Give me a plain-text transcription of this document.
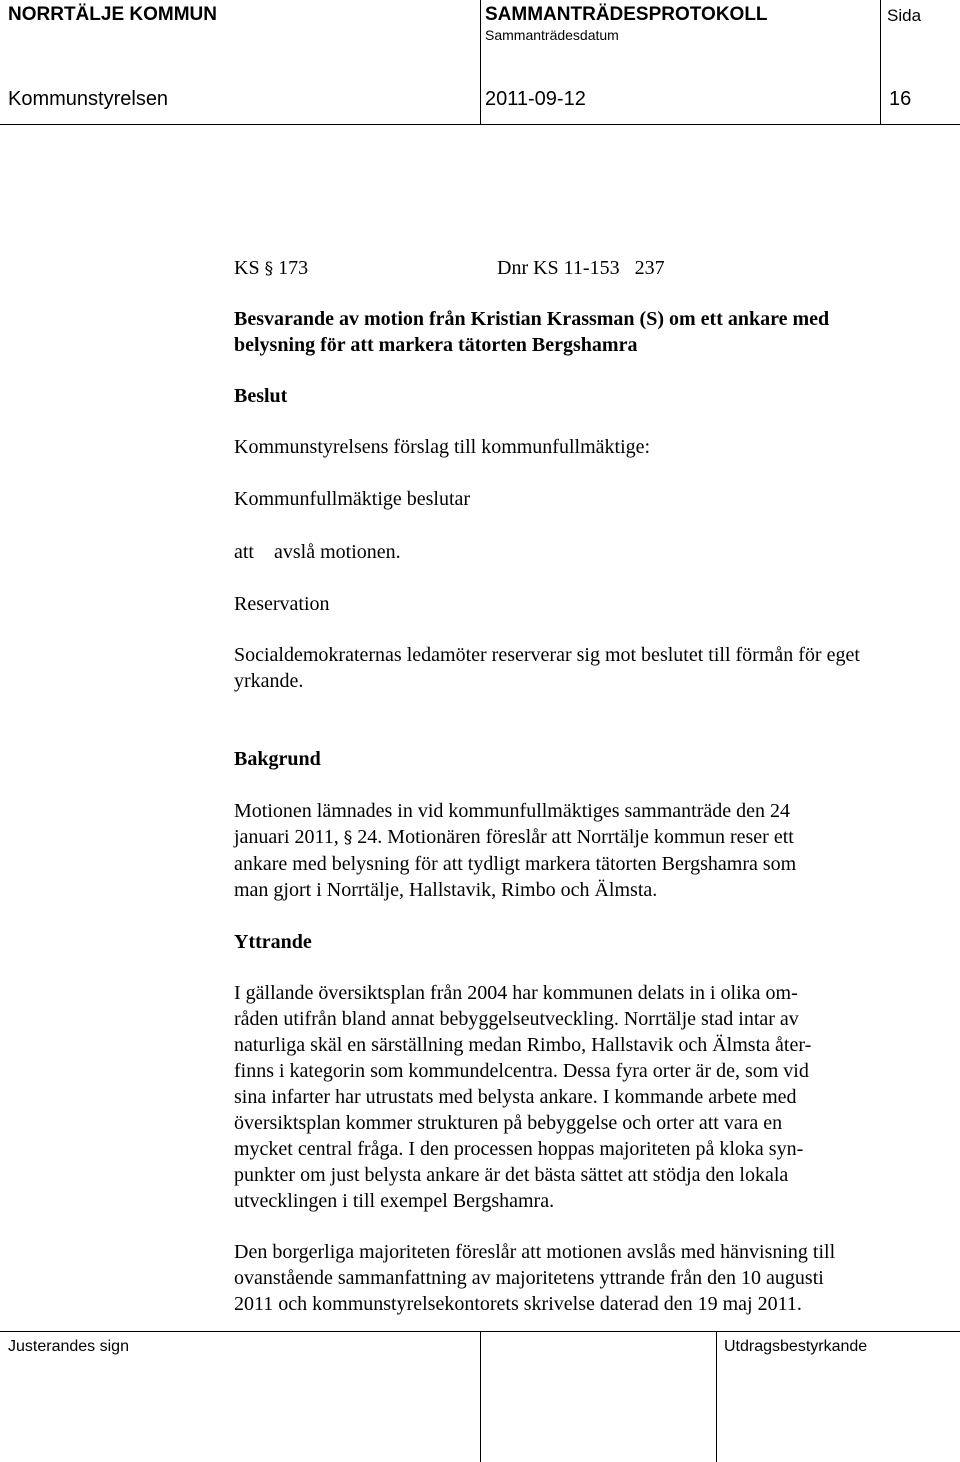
NORRTÄLJE KOMMUN	SAMMANTRÄDESPROTOKOLL
Sammanträdesdatum
Sida
Kommunstyrelsen	2011-09-12	16
KS § 173	Dnr KS 11-153 237
Besvarande av motion från Kristian Krassman (S) om ett ankare med
belysning för att markera tätorten Bergshamra
Beslut
Kommunstyrelsens förslag till kommunfullmäktige:
Kommunfullmäktige beslutar
att avslå motionen.
Reservation
Socialdemokraternas ledamöter reserverar sig mot beslutet till förmån för eget
yrkande.
Bakgrund
Motionen lämnades in vid kommunfullmäktiges sammanträde den 24
januari 2011, § 24. Motionären föreslår att Norrtälje kommun reser ett
ankare med belysning för att tydligt markera tätorten Bergshamra som
man gjort i Norrtälje, Hallstavik, Rimbo och Älmsta.
Yttrande
I gällande översiktsplan från 2004 har kommunen delats in i olika om-
råden utifrån bland annat bebyggelseutveckling. Norrtälje stad intar av
naturliga skäl en särställning medan Rimbo, Hallstavik och Älmsta åter-
finns i kategorin som kommundelcentra. Dessa fyra orter är de, som vid
sina infarter har utrustats med belysta ankare. I kommande arbete med
översiktsplan kommer strukturen på bebyggelse och orter att vara en
mycket central fråga. I den processen hoppas majoriteten på kloka syn-
punkter om just belysta ankare är det bästa sättet att stödja den lokala
utvecklingen i till exempel Bergshamra.
Den borgerliga majoriteten föreslår att motionen avslås med hänvisning till
ovanstående sammanfattning av majoritetens yttrande från den 10 augusti
2011 och kommunstyrelsekontorets skrivelse daterad den 19 maj 2011.
Justerandes sign	Utdragsbestyrkande
